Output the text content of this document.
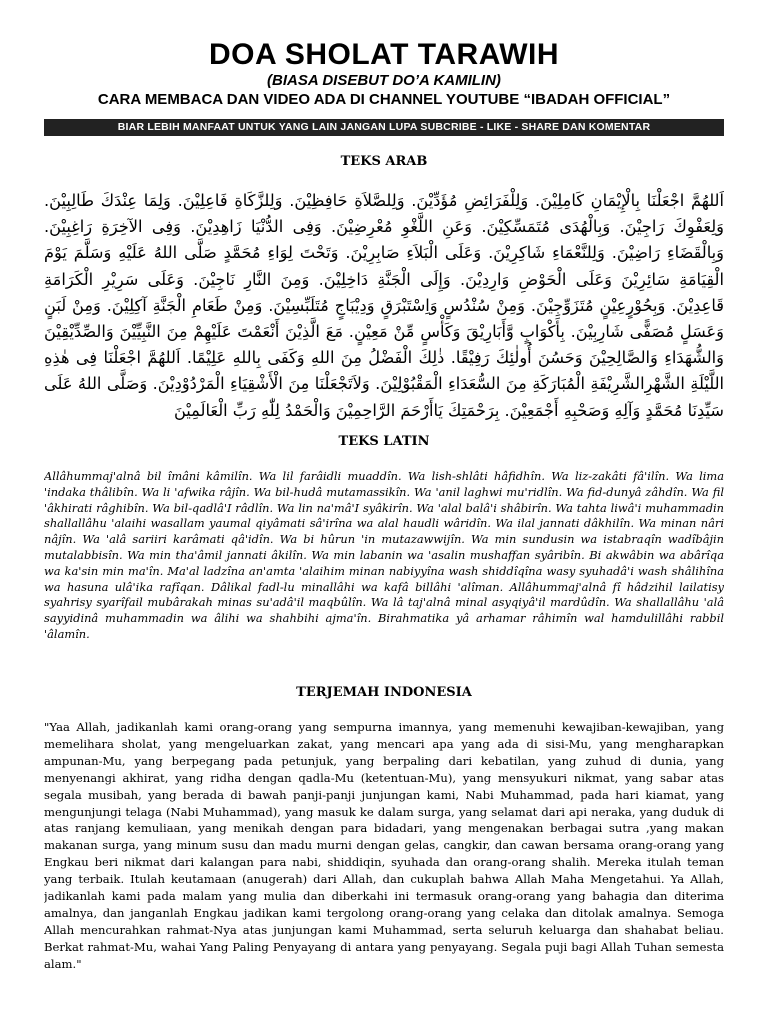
DOA SHOLAT TARAWIH
(BIASA DISEBUT DO’A KAMILIN)
CARA MEMBACA DAN VIDEO ADA DI CHANNEL YOUTUBE “IBADAH OFFICIAL”
BIAR LEBIH MANFAAT UNTUK YANG LAIN JANGAN LUPA SUBCRIBE - LIKE - SHARE DAN KOMENTAR
TEKS ARAB
اَللهُمَّ اجْعَلْنَا بِالْإِيْمَانِ كَامِلِيْنَ. وَلِلْفَرَائِضِ مُؤَدِّيْنَ. وَلِلصَّلاَةِ حَافِظِيْنَ. وَلِلزَّكَاةِ فَاعِلِيْنَ. وَلِمَا عِنْدَكَ طَالِبِيْنَ. وَلِعَفْوِكَ رَاجِيْنَ. وَبِالْهُدَى مُتَمَسِّكِيْنَ. وَعَنِ اللَّغْوِ مُعْرِضِيْنَ. وَفِى الدُّنْيَا زَاهِدِيْنَ. وَفِى الآخِرَةِ رَاغِبِيْنَ. وَبِالْقَضَاءِ رَاضِيْنَ. وَلِلنَّعْمَاءِ شَاكِرِيْنَ. وَعَلَى الْبَلاَءِ صَابِرِيْنَ. وَتَحْتَ لِوَاءِ مُحَمَّدٍ صَلَّى اللهُ عَلَيْهِ وَسَلَّمَ يَوْمَ الْقِيَامَةِ سَائِرِيْنَ وَعَلَى الْحَوْضِ وَارِدِيْنَ. وَإِلَى الْجَنَّةِ دَاخِلِيْنَ. وَمِنَ النَّارِ نَاجِيْنَ. وَعَلَى سَرِيْرِ الْكَرَامَةِ قَاعِدِيْنَ. وَبِحُوْرٍعِيْنٍ مُتَزَوِّجِيْنَ. وَمِنْ سُنْدُسٍ وَاِسْتَبْرَقٍ وَدِيْبَاجٍ مُتَلَبِّسِيْنَ. وَمِنْ طَعَامِ الْجَنَّةِ آكِلِيْنَ. وَمِنْ لَبَنٍ وَعَسَلٍ مُصَفًّى شَارِبِيْنَ. بِأَكْوَابٍ وَّأَبَارِيْقَ وَكَأْسٍ مِّنْ مَعِيْنٍ. مَعَ الَّذِيْنَ أَنْعَمْتَ عَلَيْهِمْ مِنَ النَّبِيِّيْنَ وَالصِّدِّيْقِيْنَ وَالشُّهَدَاءِ وَالصَّالِحِيْنَ وَحَسُنَ أُولٰئِكَ رَفِيْقًا. ذٰلِكَ الْفَضْلُ مِنَ اللهِ وَكَفَى بِاللهِ عَلِيْمًا. اَللهُمَّ اجْعَلْنَا فِى هٰذِهِ اللَّيْلَةِ الشَّهْرِالشَّرِيْفَةِ الْمُبَارَكَةِ مِنَ السُّعَدَاءِ الْمَقْبُوْلِيْنَ. وَلاَتَجْعَلْنَا مِنَ الْأَشْقِيَاءِ الْمَرْدُوْدِيْنَ. وَصَلَّى اللهُ عَلَى سَيِّدِنَا مُحَمَّدٍ وَآلِهِ وَصَحْبِهِ أَجْمَعِيْنَ. بِرَحْمَتِكَ يَاأَرْحَمَ الرَّاحِمِيْنَ وَالْحَمْدُ لِلّٰهِ رَبِّ الْعَالَمِيْنَ
TEKS LATIN
Allâhummaj'alnâ bil îmâni kâmilîn. Wa lil farâidli muaddîn. Wa lish-shlâti hâfidhîn. Wa liz-zakâti fâ'ilîn. Wa lima 'indaka thâlibîn. Wa li 'afwika râjîn. Wa bil-hudâ mutamassikîn. Wa 'anil laghwi mu'ridlîn. Wa fid-dunyâ zâhdîn. Wa fil 'âkhirati râghibîn. Wa bil-qadlâ'I râdlîn. Wa lin na'mâ'I syâkirîn. Wa 'alal balâ'i shâbirîn. Wa tahta liwâ'i muhammadin shallallâhu 'alaihi wasallam yaumal qiyâmati sâ'irîna wa alal haudli wâridîn. Wa ilal jannati dâkhilîn. Wa minan nâri nâjîn. Wa 'alâ sariiri karâmati qâ'idîn. Wa bi hûrun 'in mutazawwijîn. Wa min sundusin wa istabraqîn wadîbâjin mutalabbisîn. Wa min tha'âmil jannati âkilîn. Wa min labanin wa 'asalin mushaffan syâribîn. Bi akwâbin wa abârîqa wa ka'sin min ma'în. Ma'al ladzîna an'amta 'alaihim minan nabiyyîna wash shiddîqîna wasy syuhadâ'i wash shâlihîna wa hasuna ulâ'ika rafîqan. Dâlikal fadl-lu minallâhi wa kafâ billâhi 'alîman. Allâhummaj'alnâ fî hâdzihil lailatisy syahrisy syarîfail mubârakah minas su'adâ'il maqbûlîn. Wa lâ taj'alnâ minal asyqiyâ'il mardûdîn. Wa shallallâhu 'alâ sayyidinâ muhammadin wa âlihi wa shahbihi ajma'în. Birahmatika yâ arhamar râhimîn wal hamdulillâhi rabbil 'âlamîn.
TERJEMAH INDONESIA
"Yaa Allah, jadikanlah kami orang-orang yang sempurna imannya, yang memenuhi kewajiban-kewajiban, yang memelihara sholat, yang mengeluarkan zakat, yang mencari apa yang ada di sisi-Mu, yang mengharapkan ampunan-Mu, yang berpegang pada petunjuk, yang berpaling dari kebatilan, yang zuhud di dunia, yang menyenangi akhirat, yang ridha dengan qadla-Mu (ketentuan-Mu), yang mensyukuri nikmat, yang sabar atas segala musibah, yang berada di bawah panji-panji junjungan kami, Nabi Muhammad, pada hari kiamat, yang mengunjungi telaga (Nabi Muhammad), yang masuk ke dalam surga, yang selamat dari api neraka, yang duduk di atas ranjang kemuliaan, yang menikah dengan para bidadari, yang mengenakan berbagai sutra ,yang makan makanan surga, yang minum susu dan madu murni dengan gelas, cangkir, dan cawan bersama orang-orang yang Engkau beri nikmat dari kalangan para nabi, shiddiqin, syuhada dan orang-orang shalih. Mereka itulah teman yang terbaik. Itulah keutamaan (anugerah) dari Allah, dan cukuplah bahwa Allah Maha Mengetahui. Ya Allah, jadikanlah kami pada malam yang mulia dan diberkahi ini termasuk orang-orang yang bahagia dan diterima amalnya, dan janganlah Engkau jadikan kami tergolong orang-orang yang celaka dan ditolak amalnya. Semoga Allah mencurahkan rahmat-Nya atas junjungan kami Muhammad, serta seluruh keluarga dan shahabat beliau. Berkat rahmat-Mu, wahai Yang Paling Penyayang di antara yang penyayang. Segala puji bagi Allah Tuhan semesta alam."
